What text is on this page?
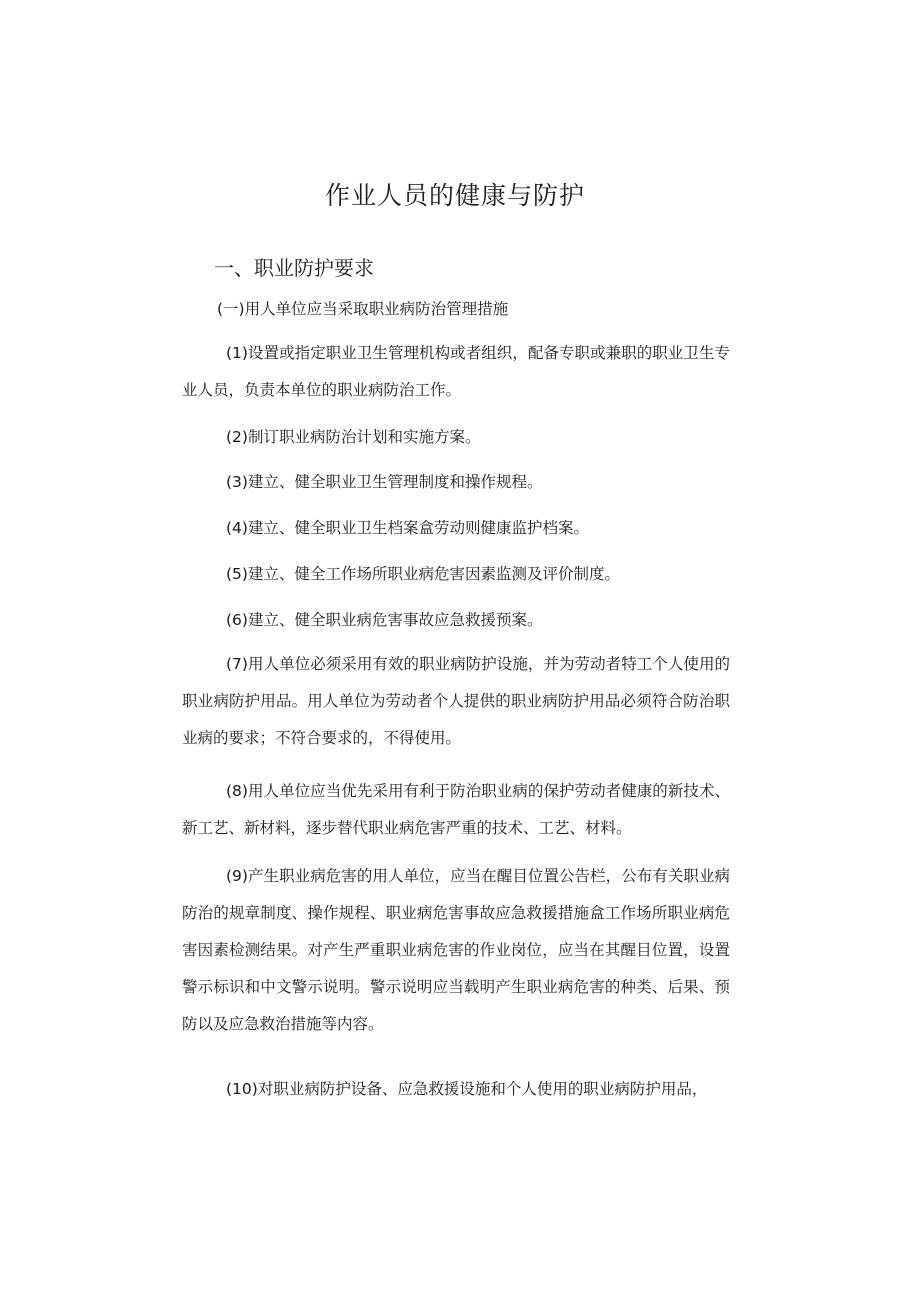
作业人员的健康与防护
一、职业防护要求
(一)用人单位应当采取职业病防治管理措施

(1)设置或指定职业卫生管理机构或者组织，配备专职或兼职的职业卫生专业人员，负责本单位的职业病防治工作。

(2)制订职业病防治计划和实施方案。

(3)建立、健全职业卫生管理制度和操作规程。

(4)建立、健全职业卫生档案盒劳动则健康监护档案。

(5)建立、健全工作场所职业病危害因素监测及评价制度。

(6)建立、健全职业病危害事故应急救援预案。

(7)用人单位必须采用有效的职业病防护设施，并为劳动者特工个人使用的职业病防护用品。用人单位为劳动者个人提供的职业病防护用品必须符合防治职业病的要求；不符合要求的，不得使用。

(8)用人单位应当优先采用有利于防治职业病的保护劳动者健康的新技术、新工艺、新材料，逐步替代职业病危害严重的技术、工艺、材料。

(9)产生职业病危害的用人单位，应当在醒目位置公告栏，公布有关职业病防治的规章制度、操作规程、职业病危害事故应急救援措施盒工作场所职业病危害因素检测结果。对产生严重职业病危害的作业岗位，应当在其醒目位置，设置警示标识和中文警示说明。警示说明应当载明产生职业病危害的种类、后果、预防以及应急救治措施等内容。

(10)对职业病防护设备、应急救援设施和个人使用的职业病防护用品，
